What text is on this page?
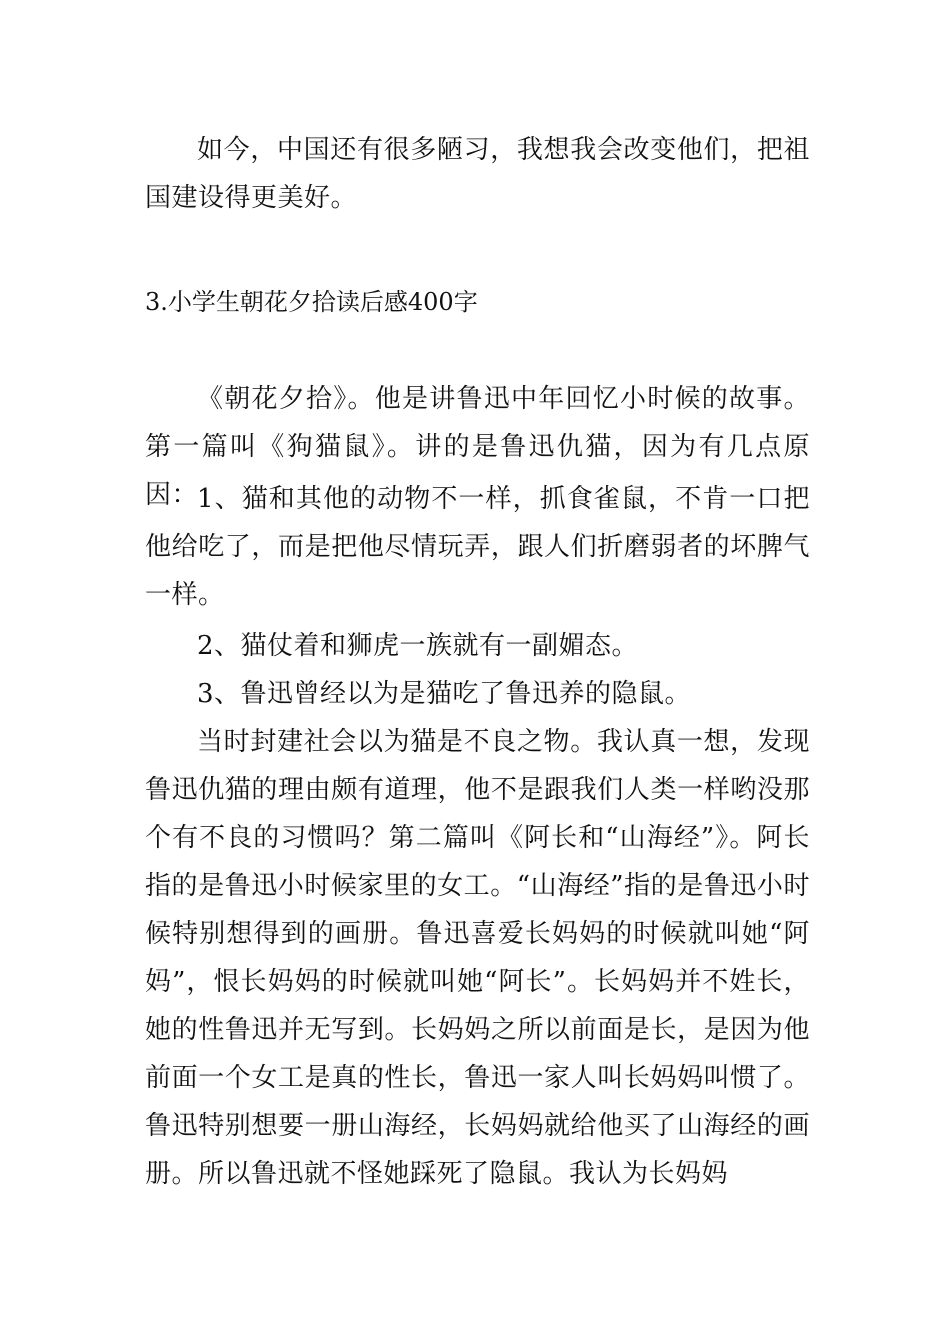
如今，中国还有很多陋习，我想我会改变他们，把祖国建设得更美好。

3.小学生朝花夕拾读后感400字

《朝花夕拾》。他是讲鲁迅中年回忆小时候的故事。第一篇叫《狗猫鼠》。讲的是鲁迅仇猫，因为有几点原因：

1、猫和其他的动物不一样，抓食雀鼠，不肯一口把他给吃了，而是把他尽情玩弄，跟人们折磨弱者的坏脾气一样。

2、猫仗着和狮虎一族就有一副媚态。

3、鲁迅曾经以为是猫吃了鲁迅养的隐鼠。

当时封建社会以为猫是不良之物。我认真一想，发现鲁迅仇猫的理由颇有道理，他不是跟我们人类一样哟没那个有不良的习惯吗？第二篇叫《阿长和“山海经”》。阿长指的是鲁迅小时候家里的女工。“山海经”指的是鲁迅小时候特别想得到的画册。鲁迅喜爱长妈妈的时候就叫她“阿妈”，恨长妈妈的时候就叫她“阿长”。长妈妈并不姓长，她的性鲁迅并无写到。长妈妈之所以前面是长，是因为他前面一个女工是真的性长，鲁迅一家人叫长妈妈叫惯了。鲁迅特别想要一册山海经，长妈妈就给他买了山海经的画册。所以鲁迅就不怪她踩死了隐鼠。我认为长妈妈
